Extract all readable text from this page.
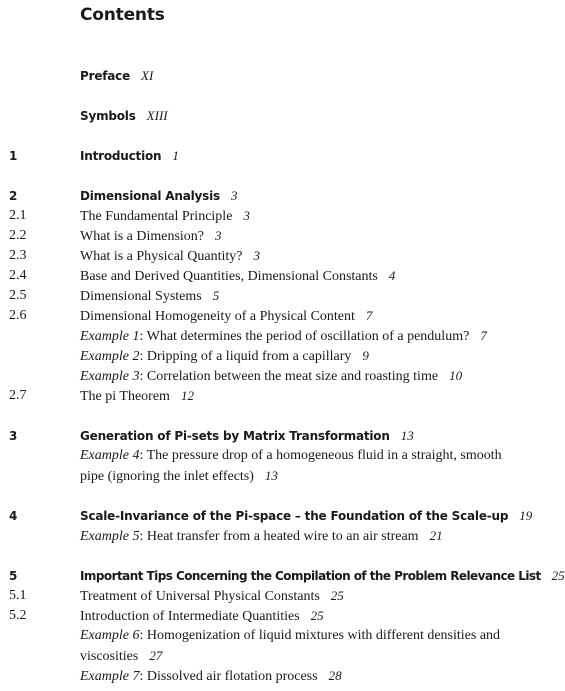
Contents
Preface XI
Symbols XIII
1	Introduction 1
2	Dimensional Analysis 3
2.1	The Fundamental Principle 3
2.2	What is a Dimension? 3
2.3	What is a Physical Quantity? 3
2.4	Base and Derived Quantities, Dimensional Constants 4
2.5	Dimensional Systems 5
2.6	Dimensional Homogeneity of a Physical Content 7
Example 1: What determines the period of oscillation of a pendulum? 7
Example 2: Dripping of a liquid from a capillary 9
Example 3: Correlation between the meat size and roasting time 10
2.7	The pi Theorem 12
3	Generation of Pi-sets by Matrix Transformation 13
Example 4: The pressure drop of a homogeneous fluid in a straight, smooth
pipe (ignoring the inlet effects) 13
4	Scale-Invariance of the Pi-space – the Foundation of the Scale-up 19
Example 5: Heat transfer from a heated wire to an air stream 21
5	Important Tips Concerning the Compilation of the Problem Relevance List 25
5.1	Treatment of Universal Physical Constants 25
5.2	Introduction of Intermediate Quantities 25
Example 6: Homogenization of liquid mixtures with different densities and
viscosities 27
Example 7: Dissolved air flotation process 28
